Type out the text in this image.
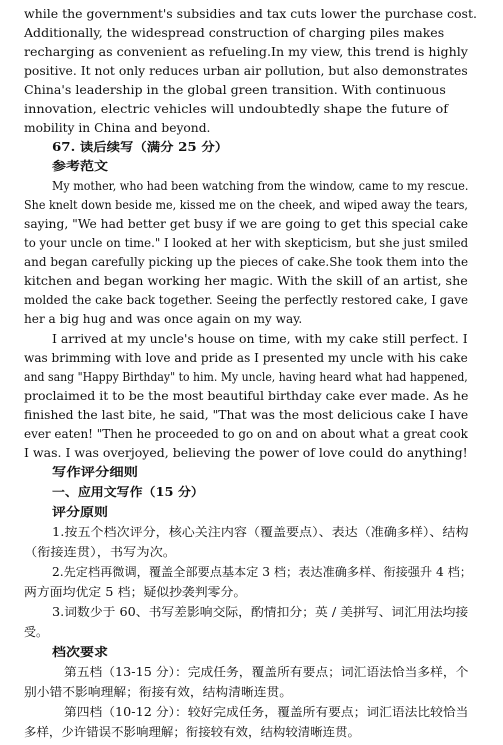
while the government's subsidies and tax cuts lower the purchase cost.
Additionally, the widespread construction of charging piles makes
recharging as convenient as refueling.In my view, this trend is highly
positive. It not only reduces urban air pollution, but also demonstrates
China's leadership in the global green transition. With continuous
innovation, electric vehicles will undoubtedly shape the future of
mobility in China and beyond.
67. 读后续写（满分 25 分）
参考范文
My mother, who had been watching from the window, came to my rescue.
She knelt down beside me, kissed me on the cheek, and wiped away the tears,
saying, "We had better get busy if we are going to get this special cake
to your uncle on time." I looked at her with skepticism, but she just smiled
and began carefully picking up the pieces of cake.She took them into the
kitchen and began working her magic. With the skill of an artist, she
molded the cake back together. Seeing the perfectly restored cake, I gave
her a big hug and was once again on my way.
I arrived at my uncle's house on time, with my cake still perfect. I
was brimming with love and pride as I presented my uncle with his cake
and sang "Happy Birthday" to him. My uncle, having heard what had happened,
proclaimed it to be the most beautiful birthday cake ever made. As he
finished the last bite, he said, "That was the most delicious cake I have
ever eaten! "Then he proceeded to go on and on about what a great cook
I was. I was overjoyed, believing the power of love could do anything!
写作评分细则
一、应用文写作（15 分）
评分原则
1.按五个档次评分，核心关注内容（覆盖要点）、表达（准确多样）、结构
（衔接连贯），书写为次。
2.先定档再微调，覆盖全部要点基本定 3 档；表达准确多样、衔接强升 4 档；
两方面均优定 5 档；疑似抄袭判零分。
3.词数少于 60、书写差影响交际，酌情扣分；英 / 美拼写、词汇用法均接
受。
档次要求
第五档（13-15 分）：完成任务，覆盖所有要点；词汇语法恰当多样，个
别小错不影响理解；衔接有效，结构清晰连贯。
第四档（10-12 分）：较好完成任务，覆盖所有要点；词汇语法比较恰当
多样，少许错误不影响理解；衔接较有效，结构较清晰连贯。
